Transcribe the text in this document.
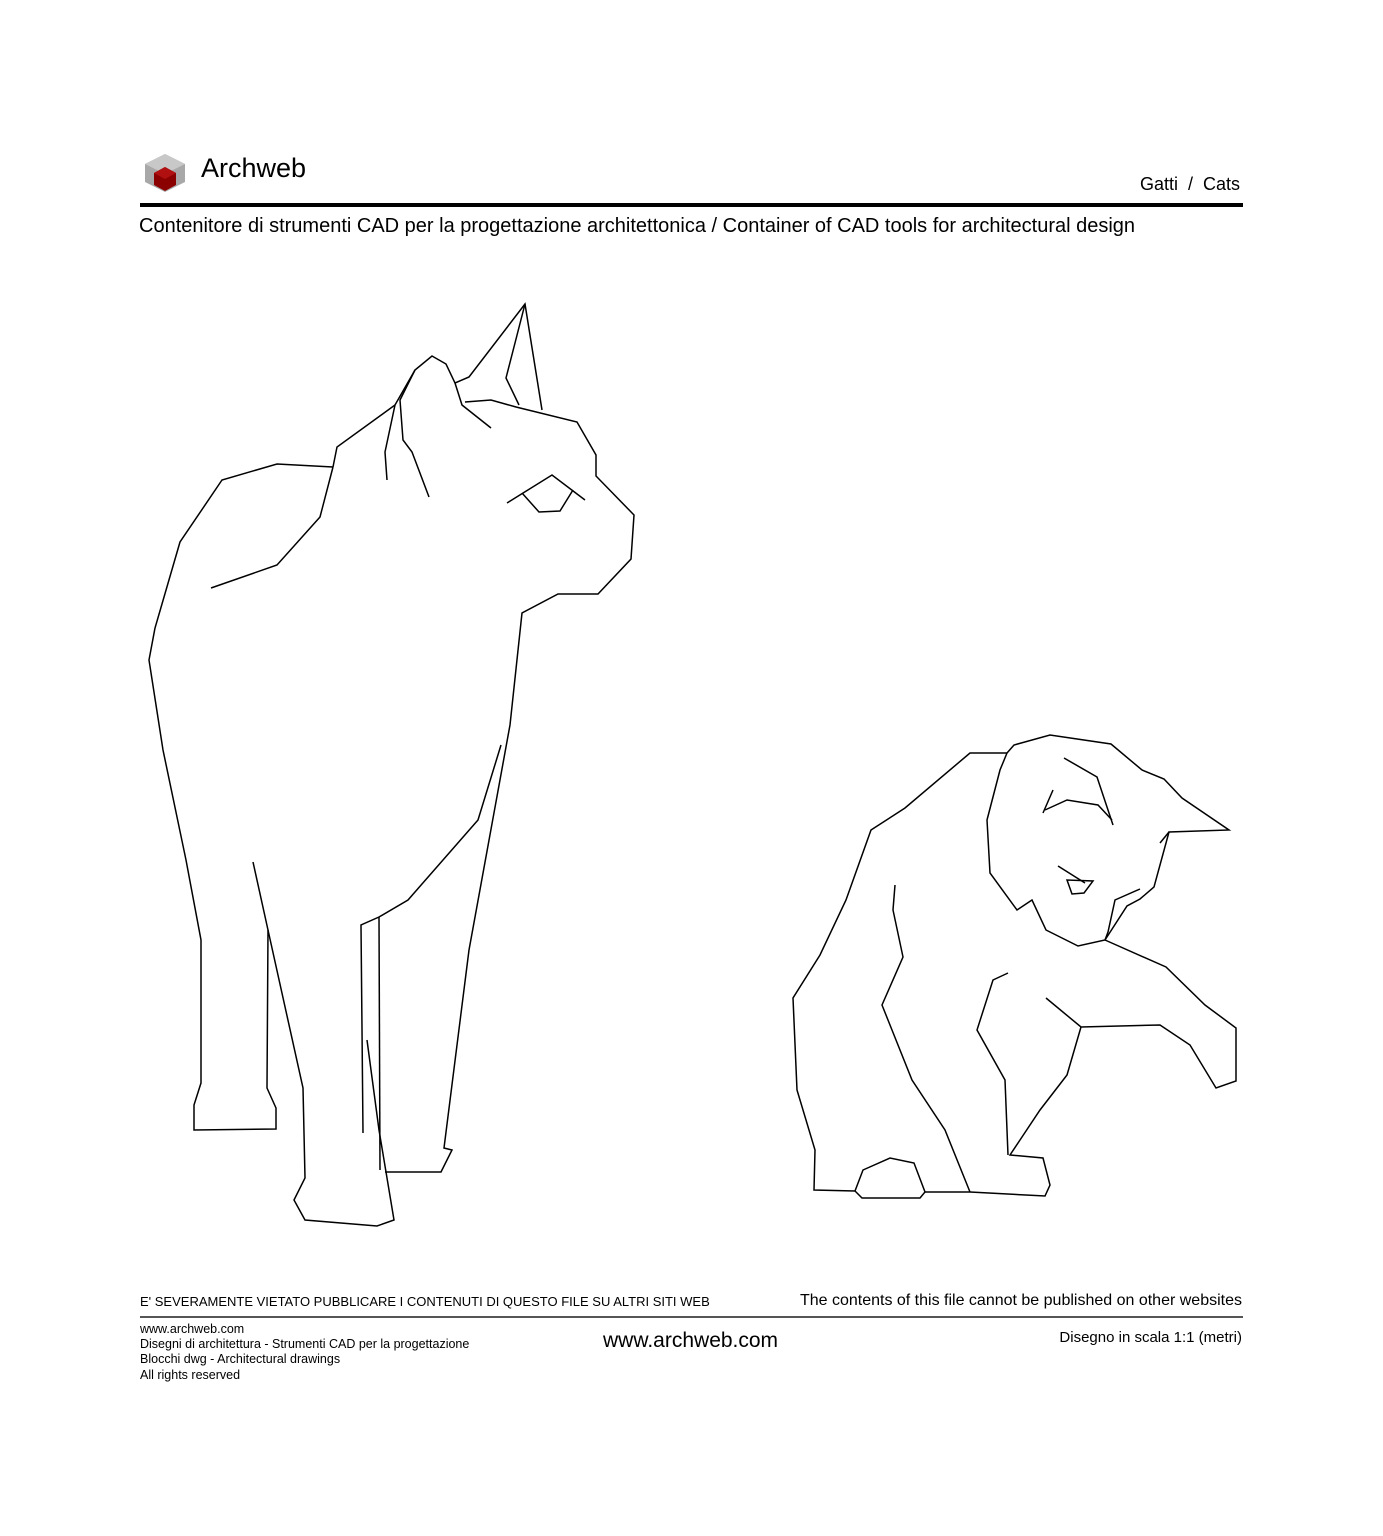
Archweb
Gatti  /  Cats
Contenitore di strumenti CAD per la progettazione architettonica / Container of CAD tools for architectural design
E' SEVERAMENTE VIETATO PUBBLICARE I CONTENUTI DI QUESTO FILE SU ALTRI SITI WEB	The contents of this file cannot be published on other websites
www.archweb.com
Disegni di architettura - Strumenti CAD per la progettazione
Blocchi dwg - Architectural drawings
All rights reserved
www.archweb.com	Disegno in scala 1:1 (metri)
